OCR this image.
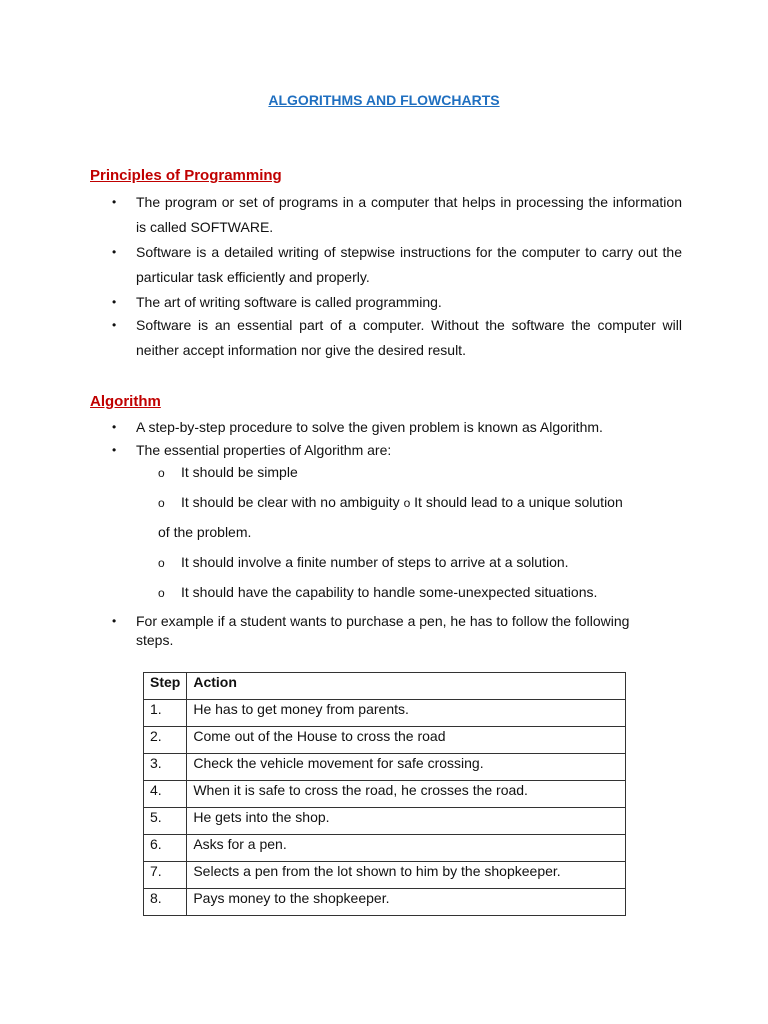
ALGORITHMS AND FLOWCHARTS
Principles of Programming
• The program or set of programs in a computer that helps in processing the information is called SOFTWARE.
• Software is a detailed writing of stepwise instructions for the computer to carry out the particular task efficiently and properly.
• The art of writing software is called programming.
• Software is an essential part of a computer. Without the software the computer will neither accept information nor give the desired result.
Algorithm
• A step-by-step procedure to solve the given problem is known as Algorithm.
• The essential properties of Algorithm are:
o It should be simple
o It should be clear with no ambiguity o It should lead to a unique solution
of the problem.
o It should involve a finite number of steps to arrive at a solution.
o It should have the capability to handle some-unexpected situations.
• For example if a student wants to purchase a pen, he has to follow the following steps.
Step	Action
1.	He has to get money from parents.
2.	Come out of the House to cross the road
3.	Check the vehicle movement for safe crossing.
4.	When it is safe to cross the road, he crosses the road.
5.	He gets into the shop.
6.	Asks for a pen.
7.	Selects a pen from the lot shown to him by the shopkeeper.
8.	Pays money to the shopkeeper.
